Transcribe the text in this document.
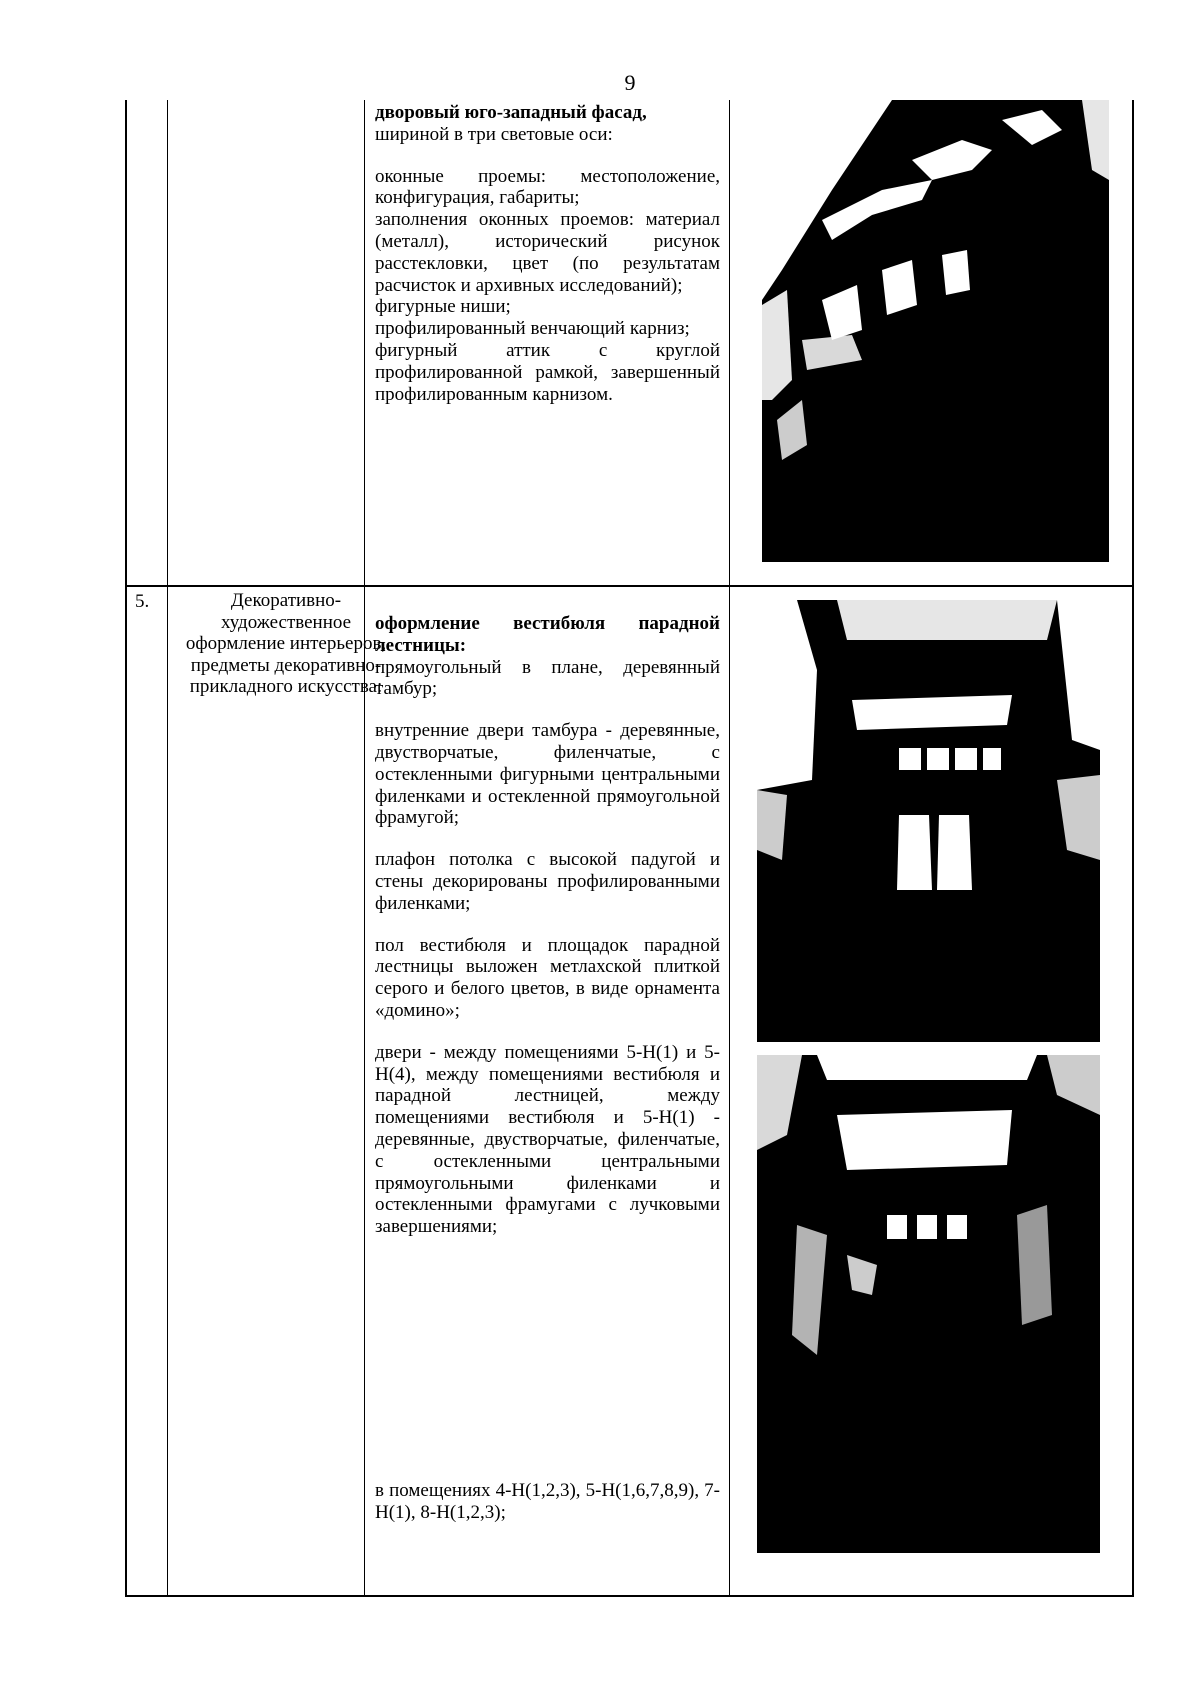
9

дворовый юго-западный фасад,

шириной в три световые оси:

оконные проемы: местоположение, конфигурация, габариты;

заполнения оконных проемов: материал (металл), исторический рисунок расстекловки, цвет (по результатам расчисток и архивных исследований);

фигурные ниши;

профилированный венчающий карниз;

фигурный аттик с круглой профилированной рамкой, завершенный профилированным карнизом.

5.	Декоративно-художественное оформление интерьеров, предметы декоративно-прикладного искусства:

оформление вестибюля парадной лестницы:

прямоугольный в плане, деревянный тамбур;

внутренние двери тамбура - деревянные, двустворчатые, филенчатые, с остекленными фигурными центральными филенками и остекленной прямоугольной фрамугой;

плафон потолка с высокой падугой и стены декорированы профилированными филенками;

пол вестибюля и площадок парадной лестницы выложен метлахской плиткой серого и белого цветов, в виде орнамента «домино»;

двери - между помещениями 5-Н(1) и 5-Н(4), между помещениями вестибюля и парадной лестницей, между помещениями вестибюля и 5-Н(1) - деревянные, двустворчатые, филенчатые, с остекленными центральными прямоугольными филенками и остекленными фрамугами с лучковыми завершениями;

в помещениях 4-Н(1,2,3), 5-Н(1,6,7,8,9), 7-Н(1), 8-Н(1,2,3);
